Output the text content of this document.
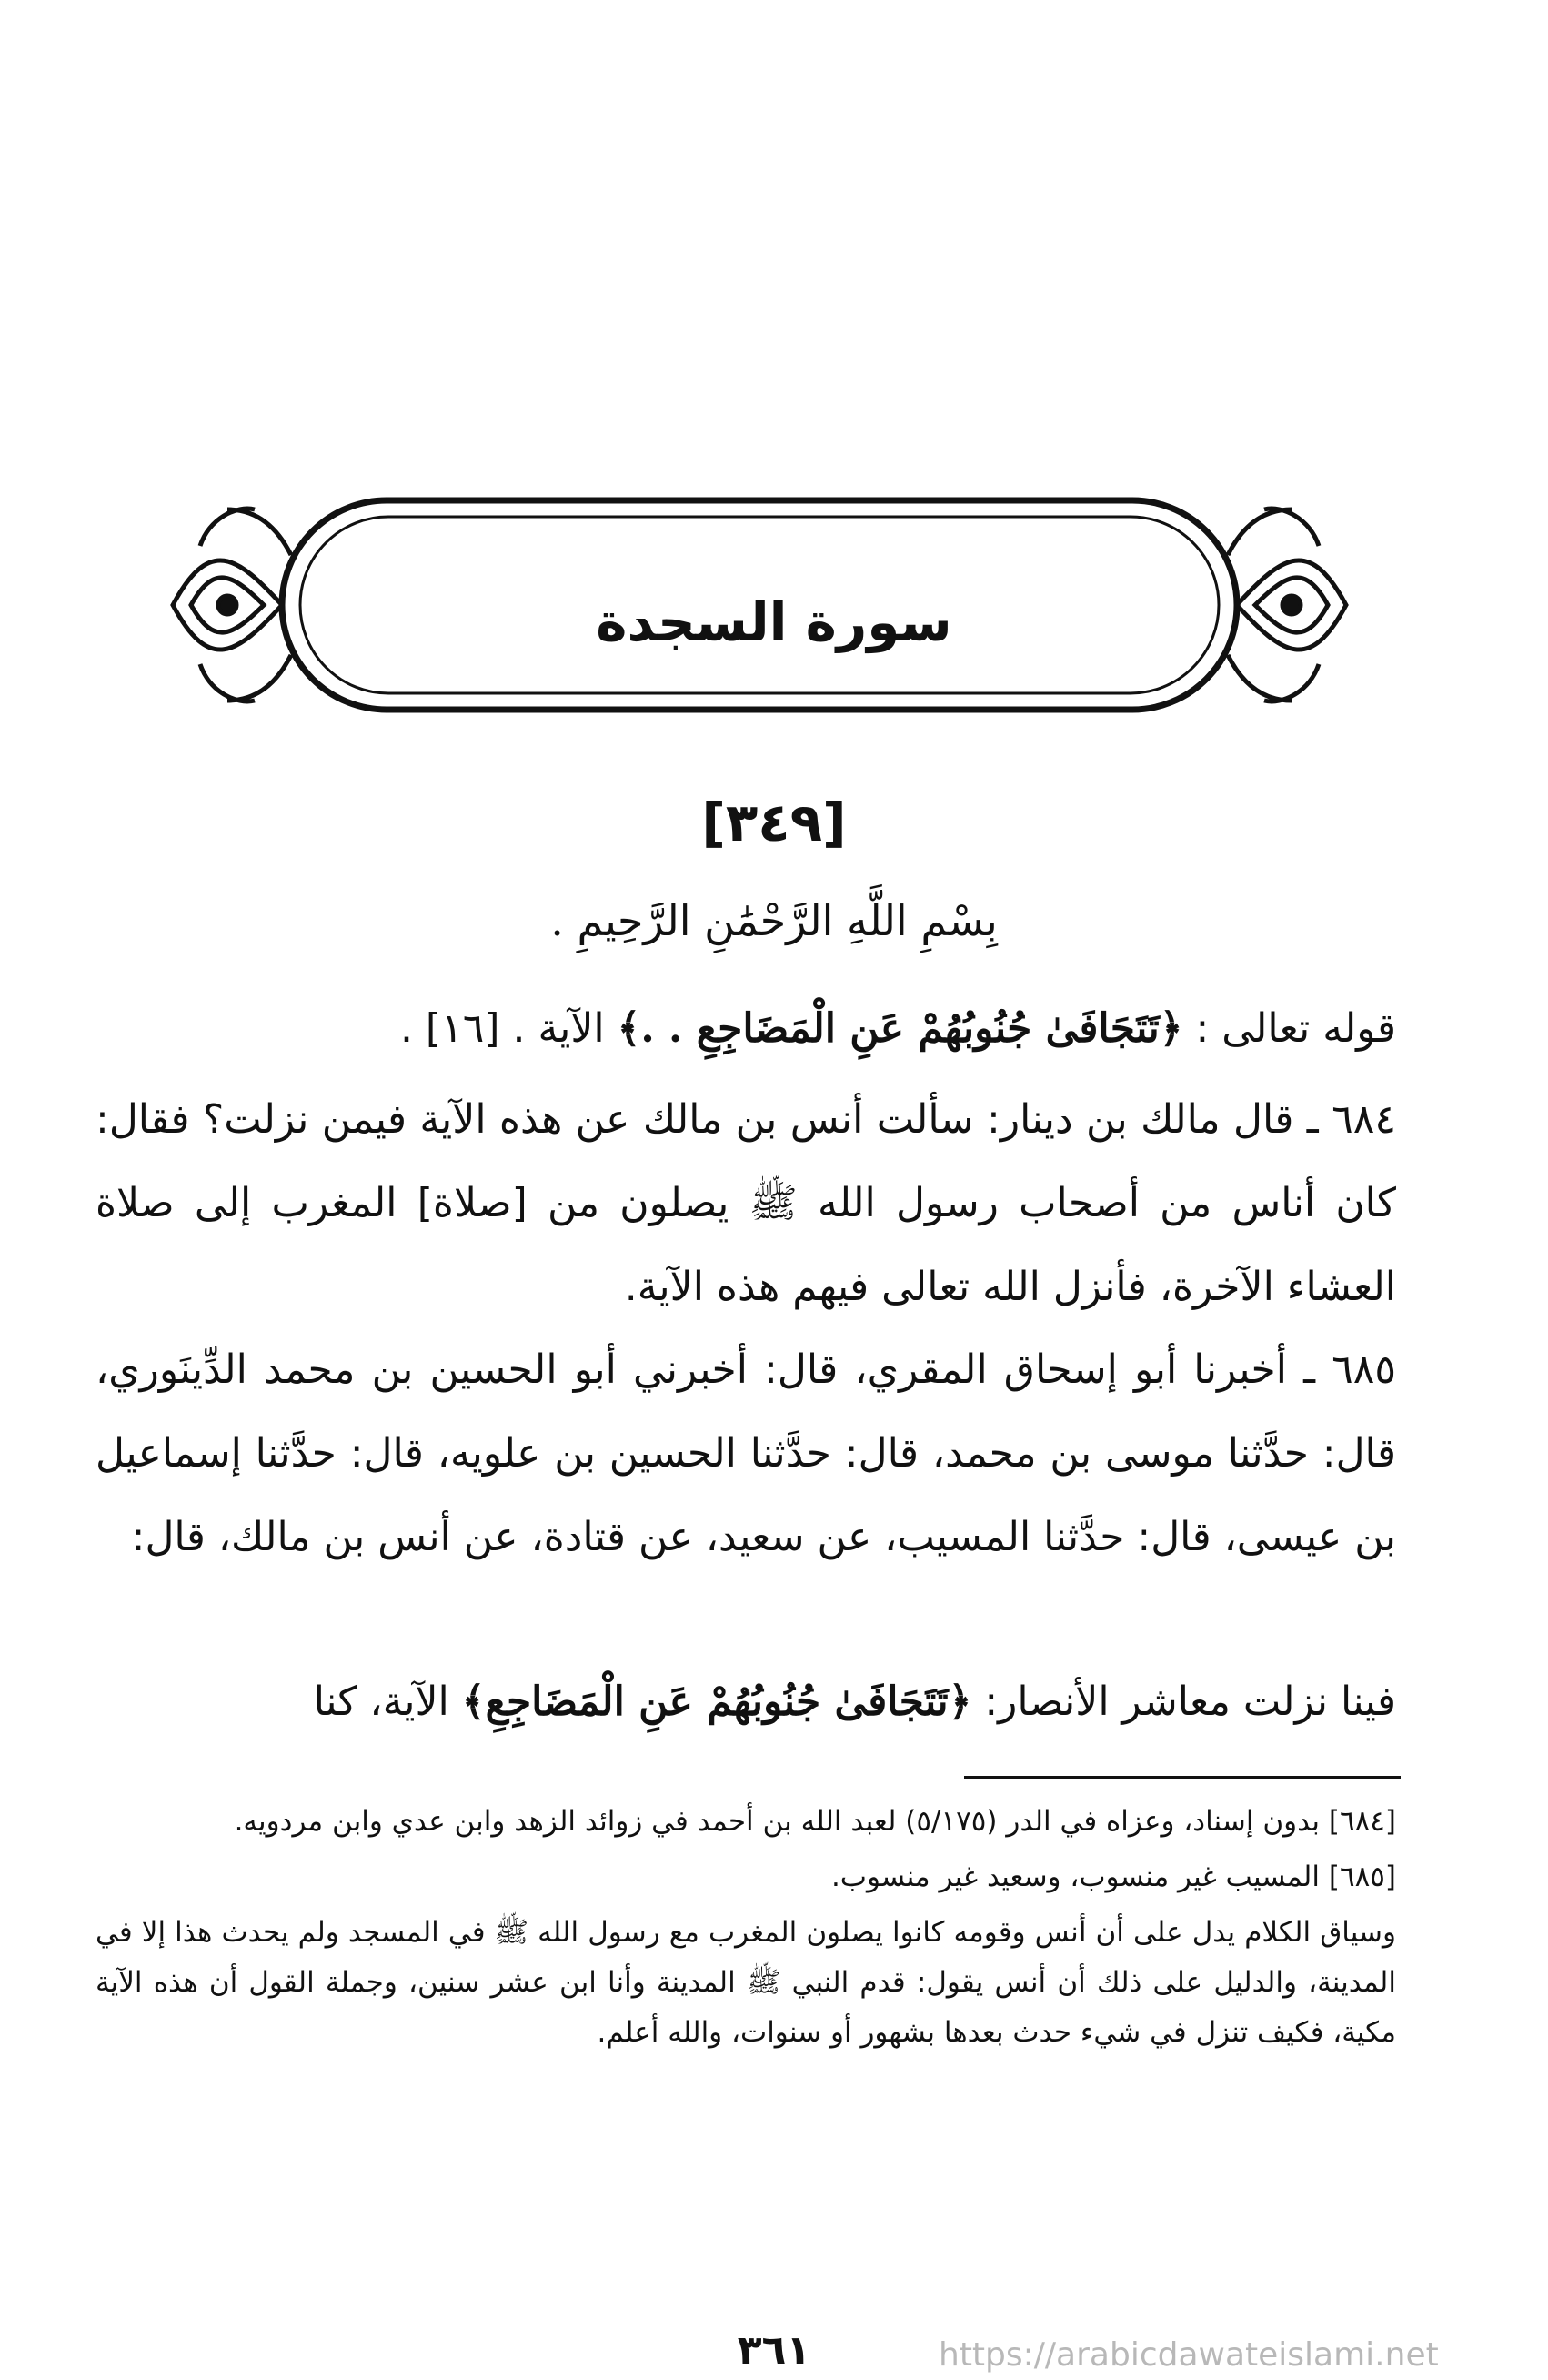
سورة السجدة
[٣٤٩]
بِسْمِ اللَّهِ الرَّحْمَٰنِ الرَّحِيمِ .
قوله تعالى : ﴿تَتَجَافَىٰ جُنُوبُهُمْ عَنِ الْمَضَاجِعِ . .﴾ الآية . [١٦] .
٦٨٤ ـ قال مالك بن دينار: سألت أنس بن مالك عن هذه الآية فيمن نزلت؟ فقال: كان أناس من أصحاب رسول الله ﷺ يصلون من [صلاة] المغرب إلى صلاة العشاء الآخرة، فأنزل الله تعالى فيهم هذه الآية.
٦٨٥ ـ أخبرنا أبو إسحاق المقري، قال: أخبرني أبو الحسين بن محمد الدِّينَوري، قال: حدَّثنا موسى بن محمد، قال: حدَّثنا الحسين بن علويه، قال: حدَّثنا إسماعيل بن عيسى، قال: حدَّثنا المسيب، عن سعيد، عن قتادة، عن أنس بن مالك، قال:
فينا نزلت معاشر الأنصار: ﴿تَتَجَافَىٰ جُنُوبُهُمْ عَنِ الْمَضَاجِعِ﴾ الآية، كنا

[٦٨٤] بدون إسناد، وعزاه في الدر (٥/١٧٥) لعبد الله بن أحمد في زوائد الزهد وابن عدي وابن مردويه.

[٦٨٥] المسيب غير منسوب، وسعيد غير منسوب.

وسياق الكلام يدل على أن أنس وقومه كانوا يصلون المغرب مع رسول الله ﷺ في المسجد ولم يحدث هذا إلا في المدينة، والدليل على ذلك أن أنس يقول: قدم النبي ﷺ المدينة وأنا ابن عشر سنين، وجملة القول أن هذه الآية مكية، فكيف تنزل في شيء حدث بعدها بشهور أو سنوات، والله أعلم.

٣٦١	https://arabicdawateislami.net
